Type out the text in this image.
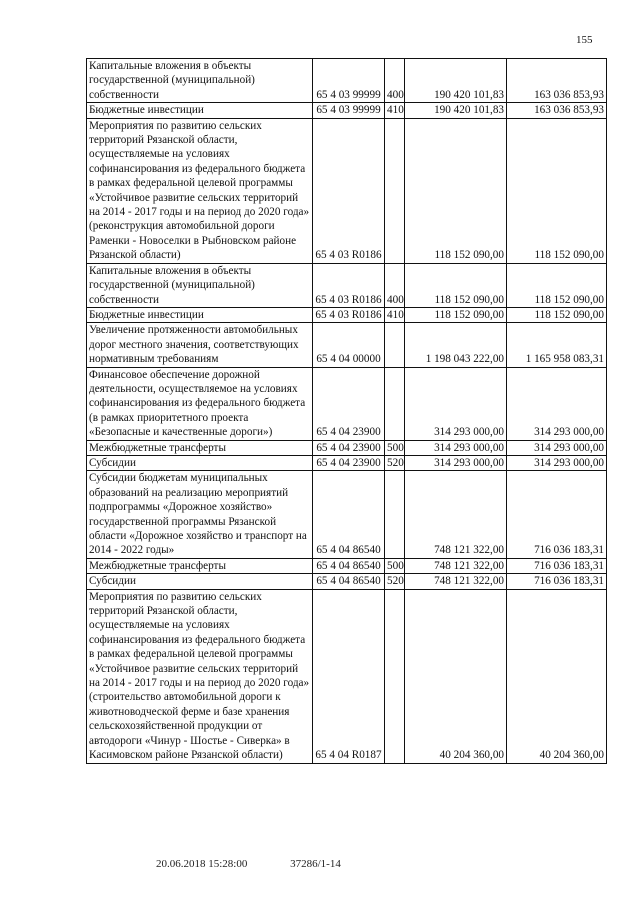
155
Капитальные вложения в объекты государственной (муниципальной) собственности	65 4 03 99999	400	190 420 101,83	163 036 853,93
Бюджетные инвестиции	65 4 03 99999	410	190 420 101,83	163 036 853,93
Мероприятия по развитию сельских территорий Рязанской области, осуществляемые на условиях софинансирования из федерального бюджета в рамках федеральной целевой программы «Устойчивое развитие сельских территорий на 2014 - 2017 годы и на период до 2020 года» (реконструкция автомобильной дороги Раменки - Новоселки в Рыбновском районе Рязанской области)	65 4 03 R0186		118 152 090,00	118 152 090,00
Капитальные вложения в объекты государственной (муниципальной) собственности	65 4 03 R0186	400	118 152 090,00	118 152 090,00
Бюджетные инвестиции	65 4 03 R0186	410	118 152 090,00	118 152 090,00
Увеличение протяженности автомобильных дорог местного значения, соответствующих нормативным требованиям	65 4 04 00000		1 198 043 222,00	1 165 958 083,31
Финансовое обеспечение дорожной деятельности, осуществляемое на условиях софинансирования из федерального бюджета (в рамках приоритетного проекта «Безопасные и качественные дороги»)	65 4 04 23900		314 293 000,00	314 293 000,00
Межбюджетные трансферты	65 4 04 23900	500	314 293 000,00	314 293 000,00
Субсидии	65 4 04 23900	520	314 293 000,00	314 293 000,00
Субсидии бюджетам муниципальных образований на реализацию мероприятий подпрограммы «Дорожное хозяйство» государственной программы Рязанской области «Дорожное хозяйство и транспорт на 2014 - 2022 годы»	65 4 04 86540		748 121 322,00	716 036 183,31
Межбюджетные трансферты	65 4 04 86540	500	748 121 322,00	716 036 183,31
Субсидии	65 4 04 86540	520	748 121 322,00	716 036 183,31
Мероприятия по развитию сельских территорий Рязанской области, осуществляемые на условиях софинансирования из федерального бюджета в рамках федеральной целевой программы «Устойчивое развитие сельских территорий на 2014 - 2017 годы и на период до 2020 года» (строительство автомобильной дороги к животноводческой ферме и базе хранения сельскохозяйственной продукции от автодороги «Чинур - Шостье - Сиверка» в Касимовском районе Рязанской области)	65 4 04 R0187		40 204 360,00	40 204 360,00
20.06.2018 15:28:00	37286/1-14
